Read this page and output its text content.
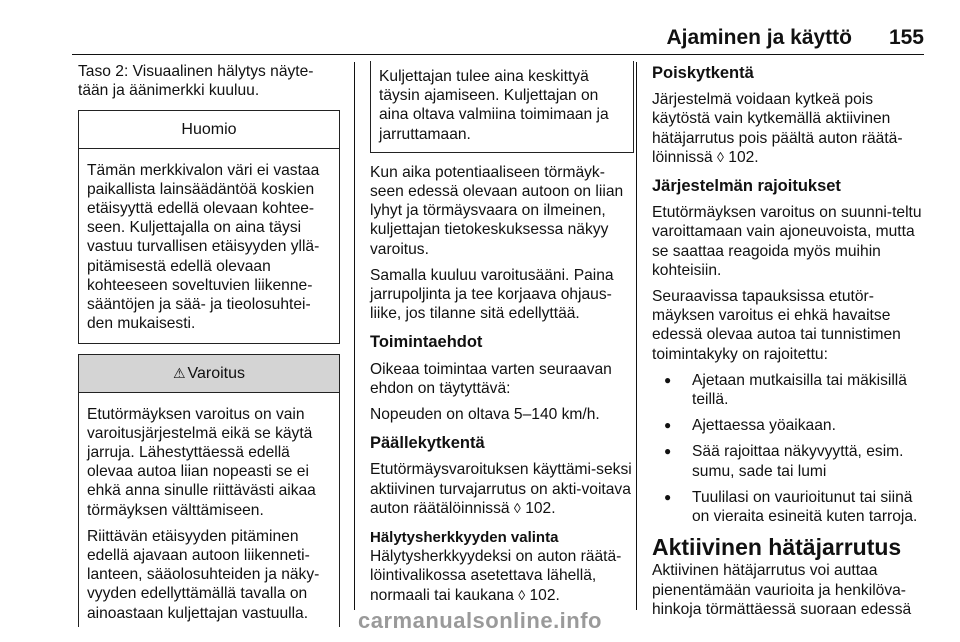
Ajaminen ja käyttö 155

Taso 2: Visuaalinen hälytys näyte-tään ja äänimerkki kuuluu.

Huomio
Tämän merkkivalon väri ei vastaa paikallista lainsäädäntöä koskien etäisyyttä edellä olevaan kohtee-seen. Kuljettajalla on aina täysi vastuu turvallisen etäisyyden yllä-pitämisestä edellä olevaan kohteeseen soveltuvien liikenne-sääntöjen ja sää- ja tieolosuhtei-den mukaisesti.
⚠ Varoitus

Etutörmäyksen varoitus on vain varoitusjärjestelmä eikä se käytä jarruja. Lähestyttäessä edellä olevaa autoa liian nopeasti se ei ehkä anna sinulle riittävästi aikaa törmäyksen välttämiseen.

Riittävän etäisyyden pitäminen edellä ajavaan autoon liikenneti-lanteen, sääolosuhteiden ja näky-vyyden edellyttämällä tavalla on ainoastaan kuljettajan vastuulla.

Kuljettajan tulee aina keskittyä täysin ajamiseen. Kuljettajan on aina oltava valmiina toimimaan ja jarruttamaan.

Kun aika potentiaaliseen törmäyk-seen edessä olevaan autoon on liian lyhyt ja törmäysvaara on ilmeinen, kuljettajan tietokeskuksessa näkyy varoitus.

Samalla kuuluu varoitusääni. Paina jarrupoljinta ja tee korjaava ohjaus-liike, jos tilanne sitä edellyttää.

Toimintaehdot

Oikeaa toimintaa varten seuraavan ehdon on täytyttävä:

Nopeuden on oltava 5–140 km/h.

Päällekytkentä

Etutörmäysvaroituksen käyttämi-seksi aktiivinen turvajarrutus on akti-voitava auton räätälöinnissä ◊ 102.

Hälytysherkkyyden valinta

Hälytysherkkyydeksi on auton räätä-löintivalikossa asetettava lähellä, normaali tai kaukana ◊ 102.

Poiskytkentä

Järjestelmä voidaan kytkeä pois käytöstä vain kytkemällä aktiivinen hätäjarrutus pois päältä auton räätä-löinnissä ◊ 102.

Järjestelmän rajoitukset

Etutörmäyksen varoitus on suunni-teltu varoittamaan vain ajoneuvoista, mutta se saattaa reagoida myös muihin kohteisiin.

Seuraavissa tapauksissa etutör-mäyksen varoitus ei ehkä havaitse edessä olevaa autoa tai tunnistimen toimintakyky on rajoitettu:

● Ajetaan mutkaisilla tai mäkisillä teillä.
● Ajettaessa yöaikaan.
● Sää rajoittaa näkyvyyttä, esim. sumu, sade tai lumi
● Tuulilasi on vaurioitunut tai siinä on vieraita esineitä kuten tarroja.
Aktiivinen hätäjarrutus

Aktiivinen hätäjarrutus voi auttaa pienentämään vaurioita ja henkilöva-hinkoja törmättäessä suoraan edessä

carmanualsonline.info
